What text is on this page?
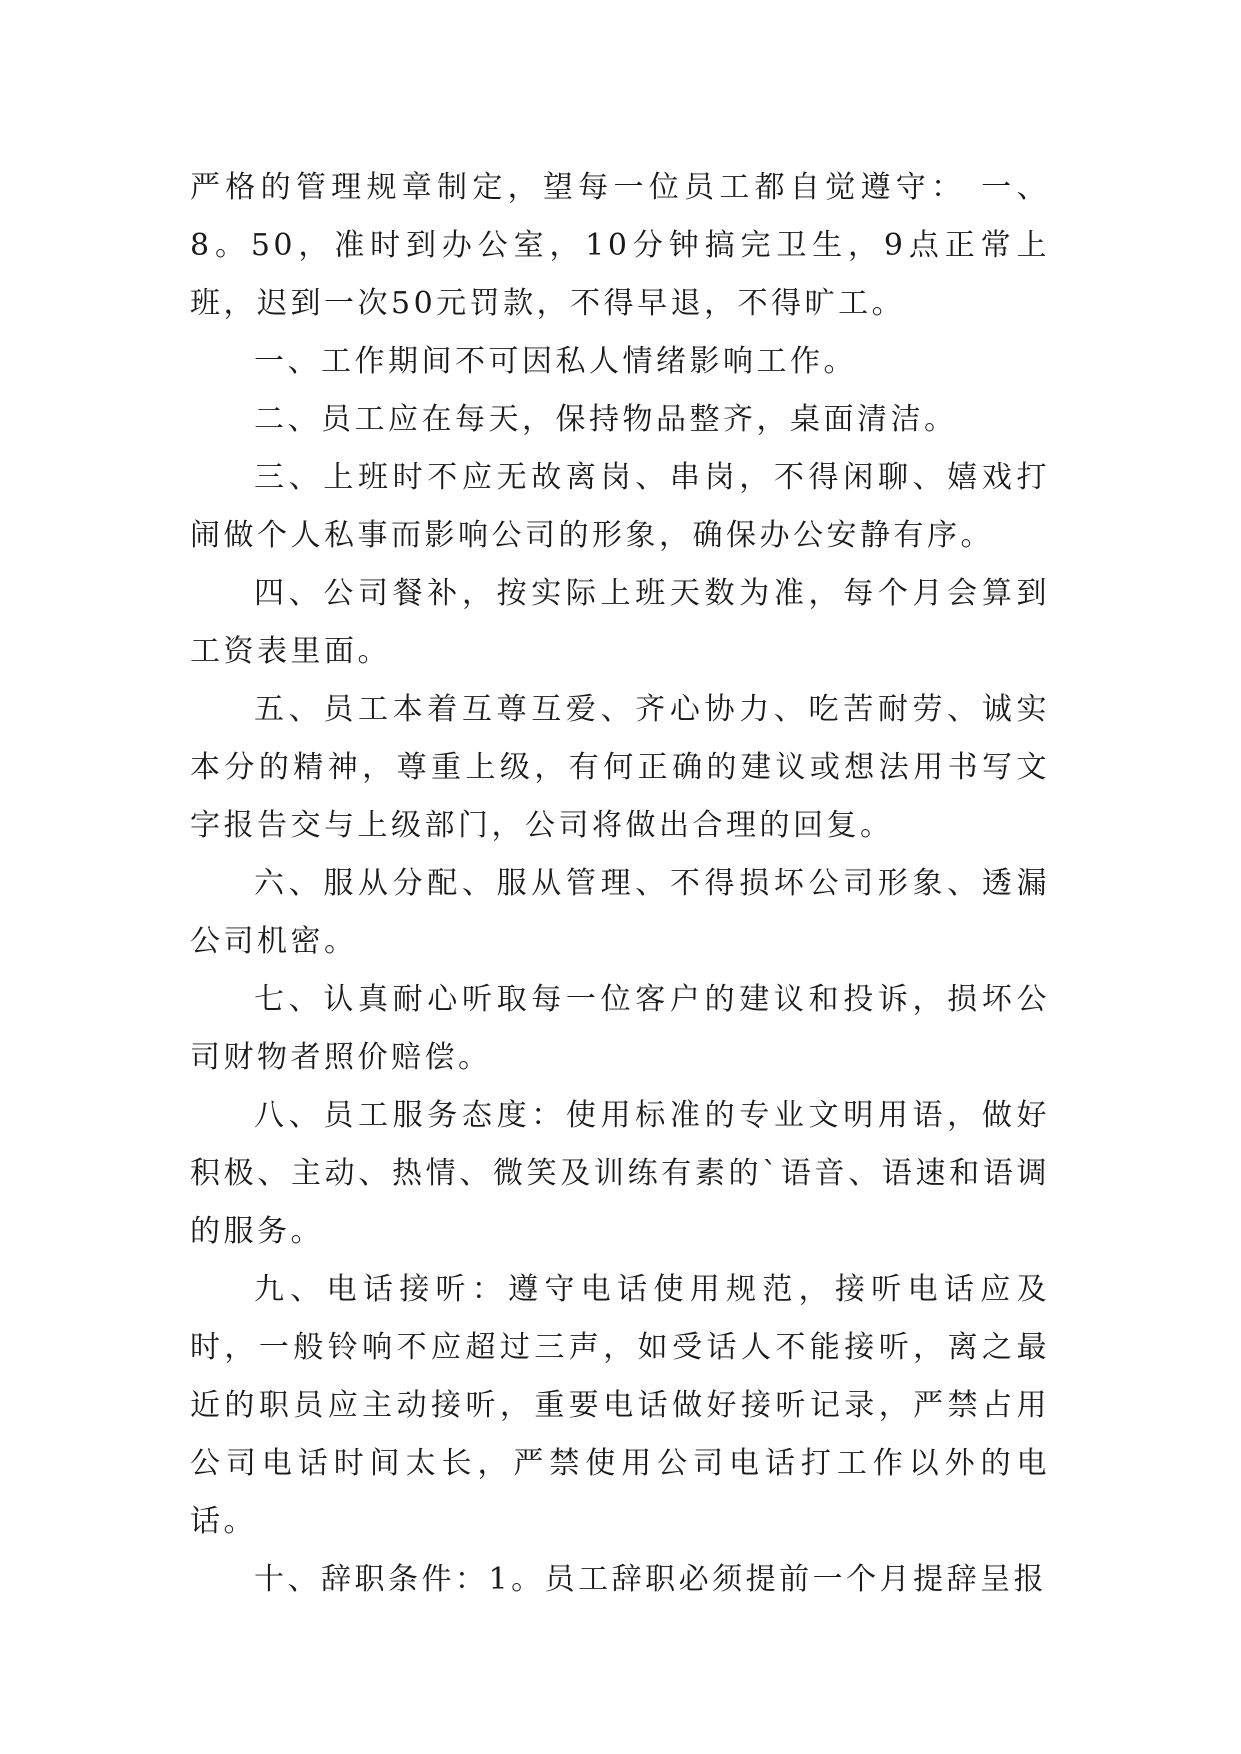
严格的管理规章制定，望每一位员工都自觉遵守： 一、8。50，准时到办公室，10分钟搞完卫生，9点正常上班，迟到一次50元罚款，不得早退，不得旷工。

一、工作期间不可因私人情绪影响工作。

二、员工应在每天，保持物品整齐，桌面清洁。

三、上班时不应无故离岗、串岗，不得闲聊、嬉戏打闹做个人私事而影响公司的形象，确保办公安静有序。

四、公司餐补，按实际上班天数为准，每个月会算到工资表里面。

五、员工本着互尊互爱、齐心协力、吃苦耐劳、诚实本分的精神，尊重上级，有何正确的建议或想法用书写文字报告交与上级部门，公司将做出合理的回复。

六、服从分配、服从管理、不得损坏公司形象、透漏公司机密。

七、认真耐心听取每一位客户的建议和投诉，损坏公司财物者照价赔偿。

八、员工服务态度：使用标准的专业文明用语，做好积极、主动、热情、微笑及训练有素的`语音、语速和语调的服务。

九、电话接听：遵守电话使用规范，接听电话应及时，一般铃响不应超过三声，如受话人不能接听，离之最近的职员应主动接听，重要电话做好接听记录，严禁占用公司电话时间太长，严禁使用公司电话打工作以外的电话。

十、辞职条件：1。员工辞职必须提前一个月提辞呈报
